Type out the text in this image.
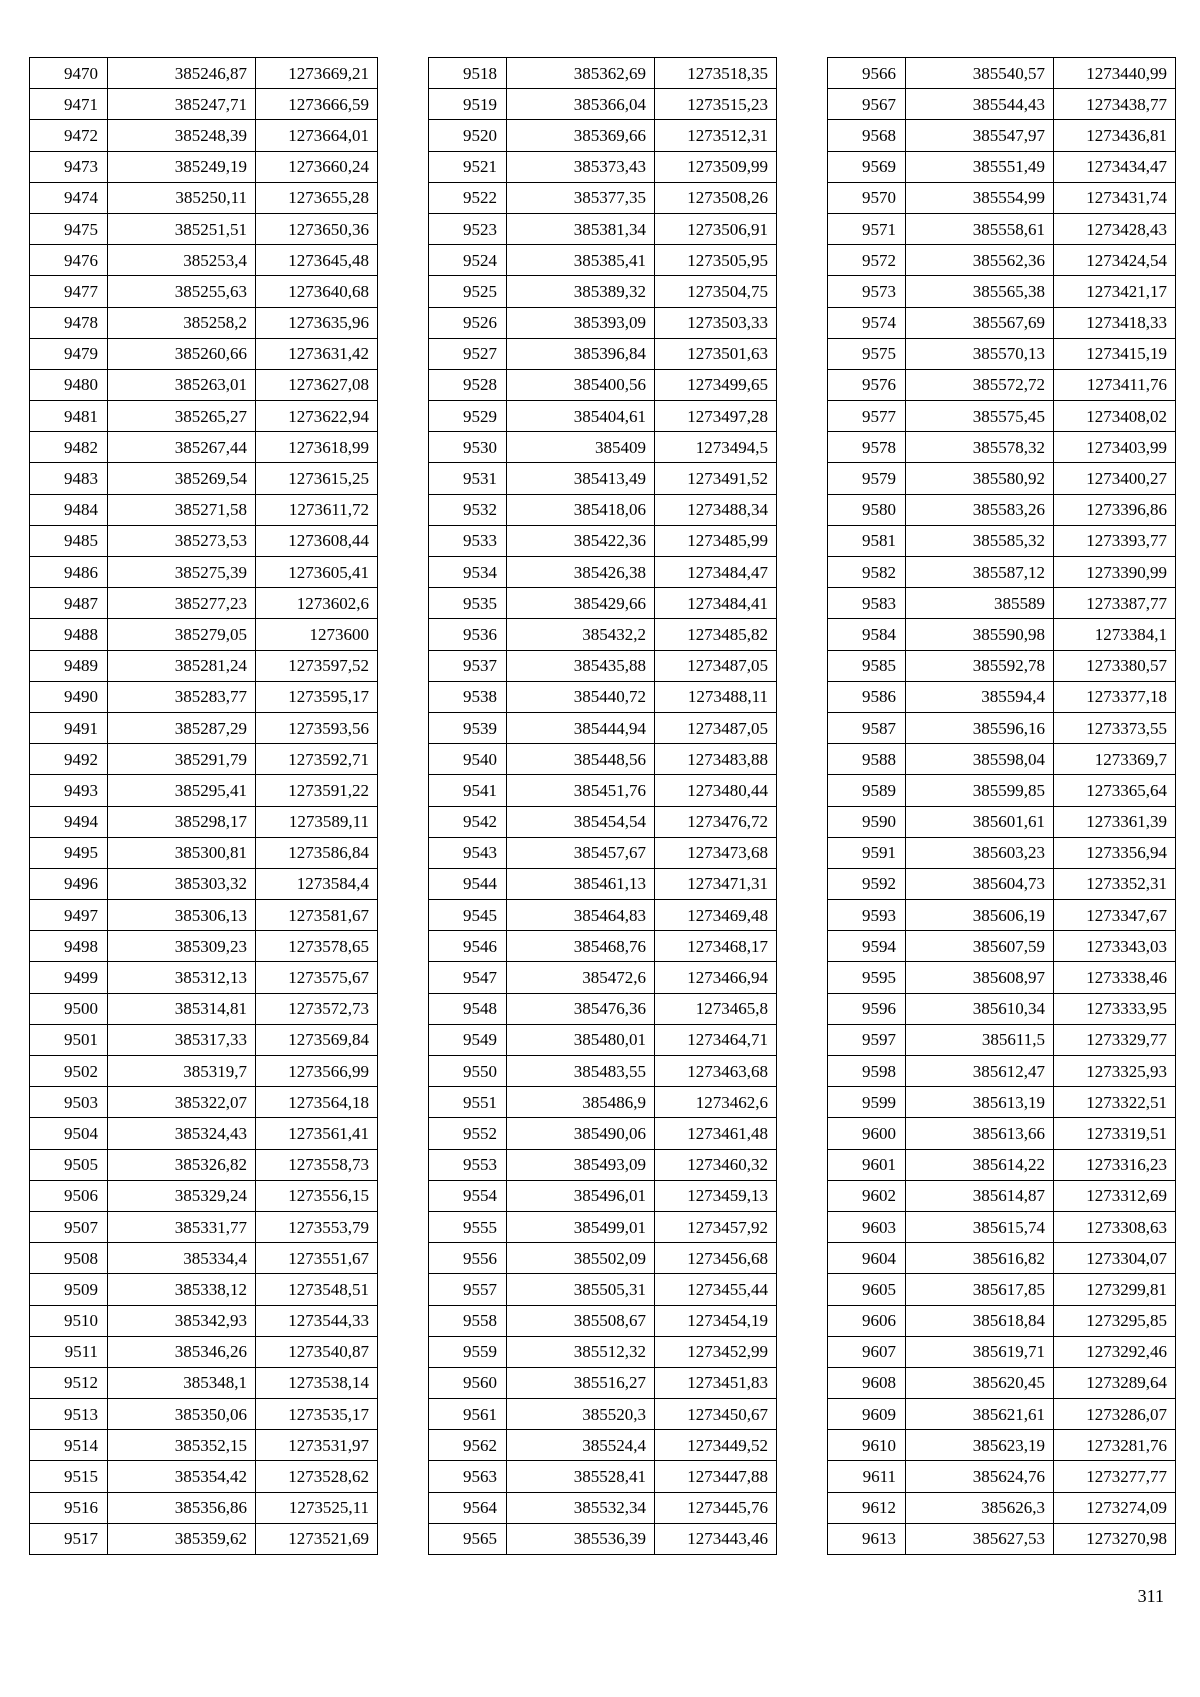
9470	385246,87	1273669,21
9471	385247,71	1273666,59
9472	385248,39	1273664,01
9473	385249,19	1273660,24
9474	385250,11	1273655,28
9475	385251,51	1273650,36
9476	385253,4	1273645,48
9477	385255,63	1273640,68
9478	385258,2	1273635,96
9479	385260,66	1273631,42
9480	385263,01	1273627,08
9481	385265,27	1273622,94
9482	385267,44	1273618,99
9483	385269,54	1273615,25
9484	385271,58	1273611,72
9485	385273,53	1273608,44
9486	385275,39	1273605,41
9487	385277,23	1273602,6
9488	385279,05	1273600
9489	385281,24	1273597,52
9490	385283,77	1273595,17
9491	385287,29	1273593,56
9492	385291,79	1273592,71
9493	385295,41	1273591,22
9494	385298,17	1273589,11
9495	385300,81	1273586,84
9496	385303,32	1273584,4
9497	385306,13	1273581,67
9498	385309,23	1273578,65
9499	385312,13	1273575,67
9500	385314,81	1273572,73
9501	385317,33	1273569,84
9502	385319,7	1273566,99
9503	385322,07	1273564,18
9504	385324,43	1273561,41
9505	385326,82	1273558,73
9506	385329,24	1273556,15
9507	385331,77	1273553,79
9508	385334,4	1273551,67
9509	385338,12	1273548,51
9510	385342,93	1273544,33
9511	385346,26	1273540,87
9512	385348,1	1273538,14
9513	385350,06	1273535,17
9514	385352,15	1273531,97
9515	385354,42	1273528,62
9516	385356,86	1273525,11
9517	385359,62	1273521,69
9518	385362,69	1273518,35
9519	385366,04	1273515,23
9520	385369,66	1273512,31
9521	385373,43	1273509,99
9522	385377,35	1273508,26
9523	385381,34	1273506,91
9524	385385,41	1273505,95
9525	385389,32	1273504,75
9526	385393,09	1273503,33
9527	385396,84	1273501,63
9528	385400,56	1273499,65
9529	385404,61	1273497,28
9530	385409	1273494,5
9531	385413,49	1273491,52
9532	385418,06	1273488,34
9533	385422,36	1273485,99
9534	385426,38	1273484,47
9535	385429,66	1273484,41
9536	385432,2	1273485,82
9537	385435,88	1273487,05
9538	385440,72	1273488,11
9539	385444,94	1273487,05
9540	385448,56	1273483,88
9541	385451,76	1273480,44
9542	385454,54	1273476,72
9543	385457,67	1273473,68
9544	385461,13	1273471,31
9545	385464,83	1273469,48
9546	385468,76	1273468,17
9547	385472,6	1273466,94
9548	385476,36	1273465,8
9549	385480,01	1273464,71
9550	385483,55	1273463,68
9551	385486,9	1273462,6
9552	385490,06	1273461,48
9553	385493,09	1273460,32
9554	385496,01	1273459,13
9555	385499,01	1273457,92
9556	385502,09	1273456,68
9557	385505,31	1273455,44
9558	385508,67	1273454,19
9559	385512,32	1273452,99
9560	385516,27	1273451,83
9561	385520,3	1273450,67
9562	385524,4	1273449,52
9563	385528,41	1273447,88
9564	385532,34	1273445,76
9565	385536,39	1273443,46
9566	385540,57	1273440,99
9567	385544,43	1273438,77
9568	385547,97	1273436,81
9569	385551,49	1273434,47
9570	385554,99	1273431,74
9571	385558,61	1273428,43
9572	385562,36	1273424,54
9573	385565,38	1273421,17
9574	385567,69	1273418,33
9575	385570,13	1273415,19
9576	385572,72	1273411,76
9577	385575,45	1273408,02
9578	385578,32	1273403,99
9579	385580,92	1273400,27
9580	385583,26	1273396,86
9581	385585,32	1273393,77
9582	385587,12	1273390,99
9583	385589	1273387,77
9584	385590,98	1273384,1
9585	385592,78	1273380,57
9586	385594,4	1273377,18
9587	385596,16	1273373,55
9588	385598,04	1273369,7
9589	385599,85	1273365,64
9590	385601,61	1273361,39
9591	385603,23	1273356,94
9592	385604,73	1273352,31
9593	385606,19	1273347,67
9594	385607,59	1273343,03
9595	385608,97	1273338,46
9596	385610,34	1273333,95
9597	385611,5	1273329,77
9598	385612,47	1273325,93
9599	385613,19	1273322,51
9600	385613,66	1273319,51
9601	385614,22	1273316,23
9602	385614,87	1273312,69
9603	385615,74	1273308,63
9604	385616,82	1273304,07
9605	385617,85	1273299,81
9606	385618,84	1273295,85
9607	385619,71	1273292,46
9608	385620,45	1273289,64
9609	385621,61	1273286,07
9610	385623,19	1273281,76
9611	385624,76	1273277,77
9612	385626,3	1273274,09
9613	385627,53	1273270,98
311
